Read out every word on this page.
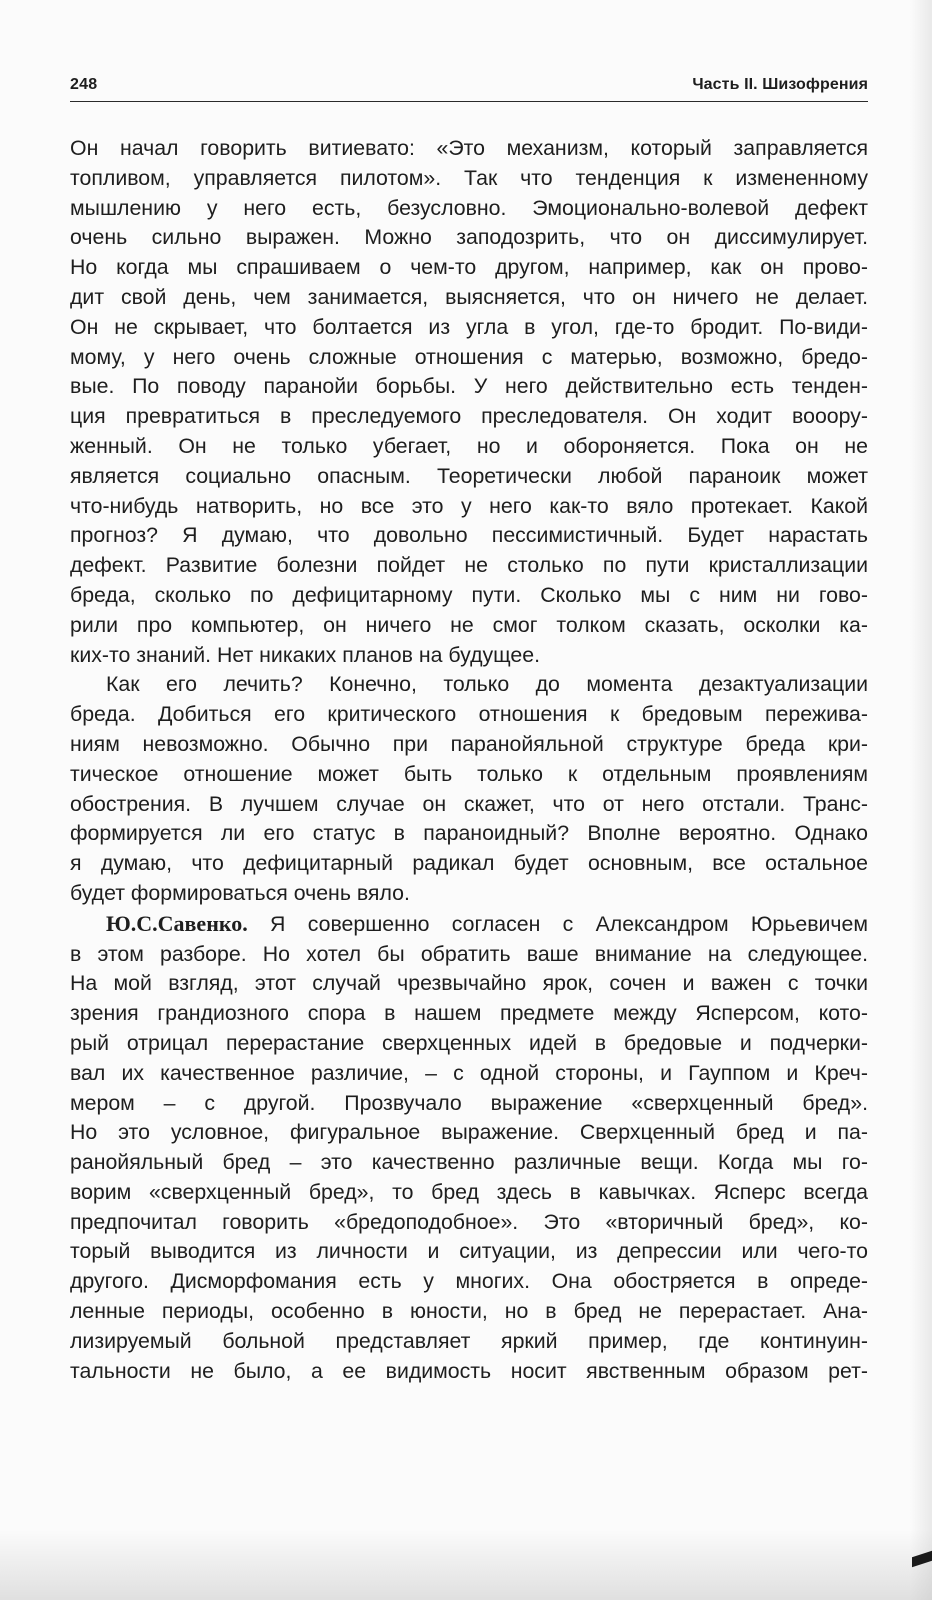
248	Часть II. Шизофрения

Он начал говорить витиевато: «Это механизм, который заправляется
топливом, управляется пилотом». Так что тенденция к измененному
мышлению у него есть, безусловно. Эмоционально-волевой дефект
очень сильно выражен. Можно заподозрить, что он диссимулирует.
Но когда мы спрашиваем о чем-то другом, например, как он прово-
дит свой день, чем занимается, выясняется, что он ничего не делает.
Он не скрывает, что болтается из угла в угол, где-то бродит. По-види-
мому, у него очень сложные отношения с матерью, возможно, бредо-
вые. По поводу паранойи борьбы. У него действительно есть тенден-
ция превратиться в преследуемого преследователя. Он ходит вооору-
женный. Он не только убегает, но и обороняется. Пока он не
является социально опасным. Теоретически любой параноик может
что-нибудь натворить, но все это у него как-то вяло протекает. Какой
прогноз? Я думаю, что довольно пессимистичный. Будет нарастать
дефект. Развитие болезни пойдет не столько по пути кристаллизации
бреда, сколько по дефицитарному пути. Сколько мы с ним ни гово-
рили про компьютер, он ничего не смог толком сказать, осколки ка-
ких-то знаний. Нет никаких планов на будущее.

Как его лечить? Конечно, только до момента дезактуализации
бреда. Добиться его критического отношения к бредовым пережива-
ниям невозможно. Обычно при паранойяльной структуре бреда кри-
тическое отношение может быть только к отдельным проявлениям
обострения. В лучшем случае он скажет, что от него отстали. Транс-
формируется ли его статус в параноидный? Вполне вероятно. Однако
я думаю, что дефицитарный радикал будет основным, все остальное
будет формироваться очень вяло.

Ю.С.Савенко. Я совершенно согласен с Александром Юрьевичем
в этом разборе. Но хотел бы обратить ваше внимание на следующее.
На мой взгляд, этот случай чрезвычайно ярок, сочен и важен с точки
зрения грандиозного спора в нашем предмете между Ясперсом, кото-
рый отрицал перерастание сверхценных идей в бредовые и подчерки-
вал их качественное различие, – с одной стороны, и Гауппом и Креч-
мером – с другой. Прозвучало выражение «сверхценный бред».
Но это условное, фигуральное выражение. Сверхценный бред и па-
ранойяльный бред – это качественно различные вещи. Когда мы го-
ворим «сверхценный бред», то бред здесь в кавычках. Ясперс всегда
предпочитал говорить «бредоподобное». Это «вторичный бред», ко-
торый выводится из личности и ситуации, из депрессии или чего-то
другого. Дисморфомания есть у многих. Она обостряется в опреде-
ленные периоды, особенно в юности, но в бред не перерастает. Ана-
лизируемый больной представляет яркий пример, где континуин-
тальности не было, а ее видимость носит явственным образом рет-
